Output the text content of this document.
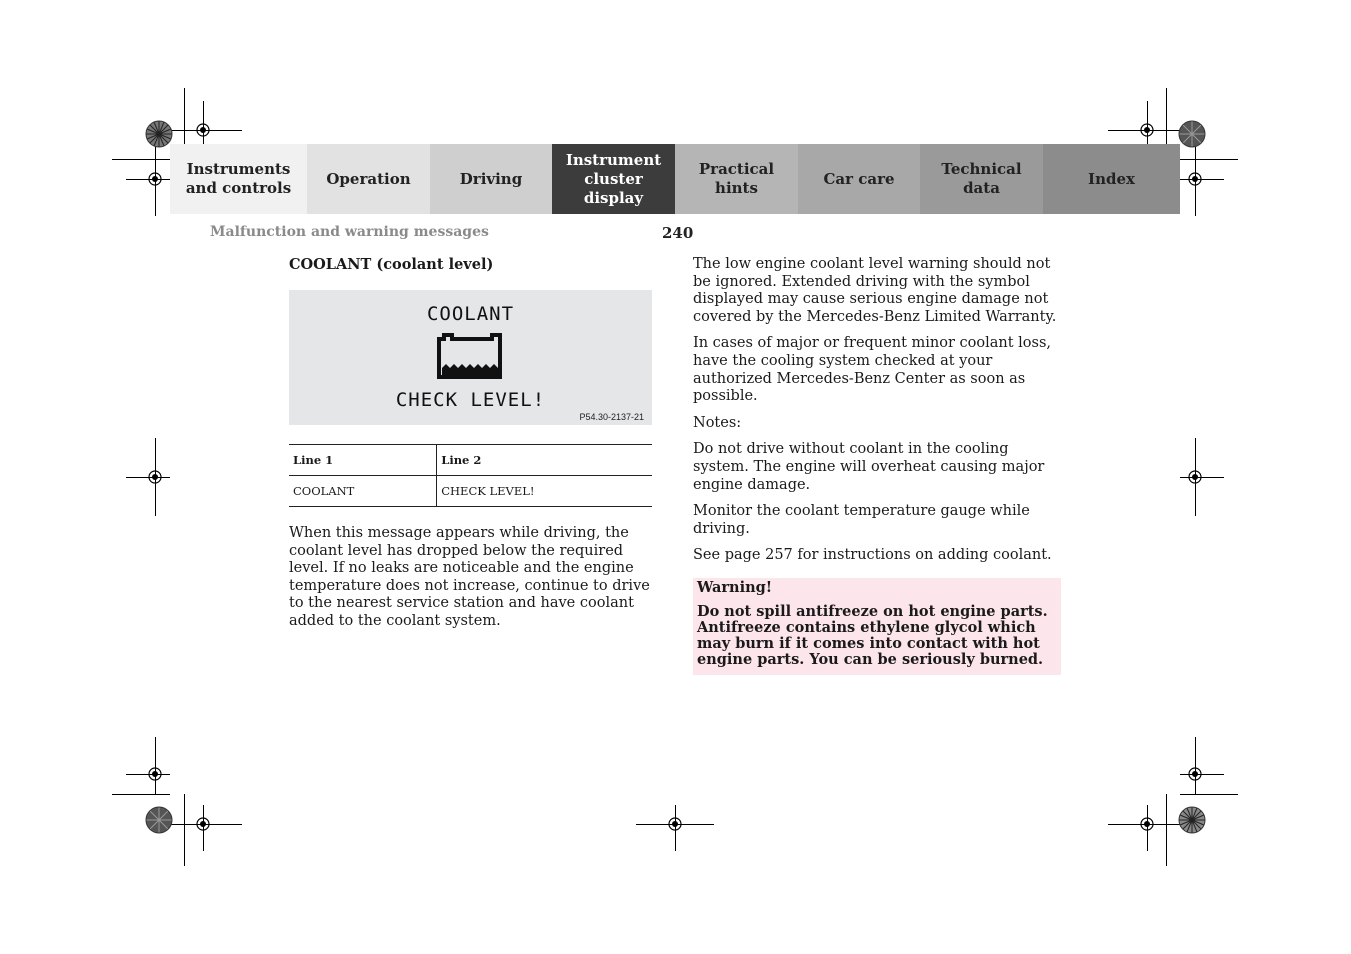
Instruments
and controls
Operation	Driving
Instrument
cluster display
Practical hints
Car care
Technical
data
Index
Malfunction and warning messages	240
COOLANT (coolant level)
COOLANT
CHECK LEVEL!
P54.30-2137-21
Line 1	Line 2
COOLANT	CHECK LEVEL!

When this message appears while driving, the coolant level has dropped below the required level. If no leaks are noticeable and the engine temperature does not increase, continue to drive to the nearest service station and have coolant added to the coolant system.

The low engine coolant level warning should not be ignored. Extended driving with the symbol displayed may cause serious engine damage not covered by the Mercedes-Benz Limited Warranty.

In cases of major or frequent minor coolant loss, have the cooling system checked at your authorized Mercedes-Benz Center as soon as possible.

Notes:

Do not drive without coolant in the cooling system. The engine will overheat causing major engine damage.

Monitor the coolant temperature gauge while driving.

See page 257 for instructions on adding coolant.

Warning!
Do not spill antifreeze on hot engine parts. Antifreeze contains ethylene glycol which may burn if it comes into contact with hot engine parts. You can be seriously burned.
